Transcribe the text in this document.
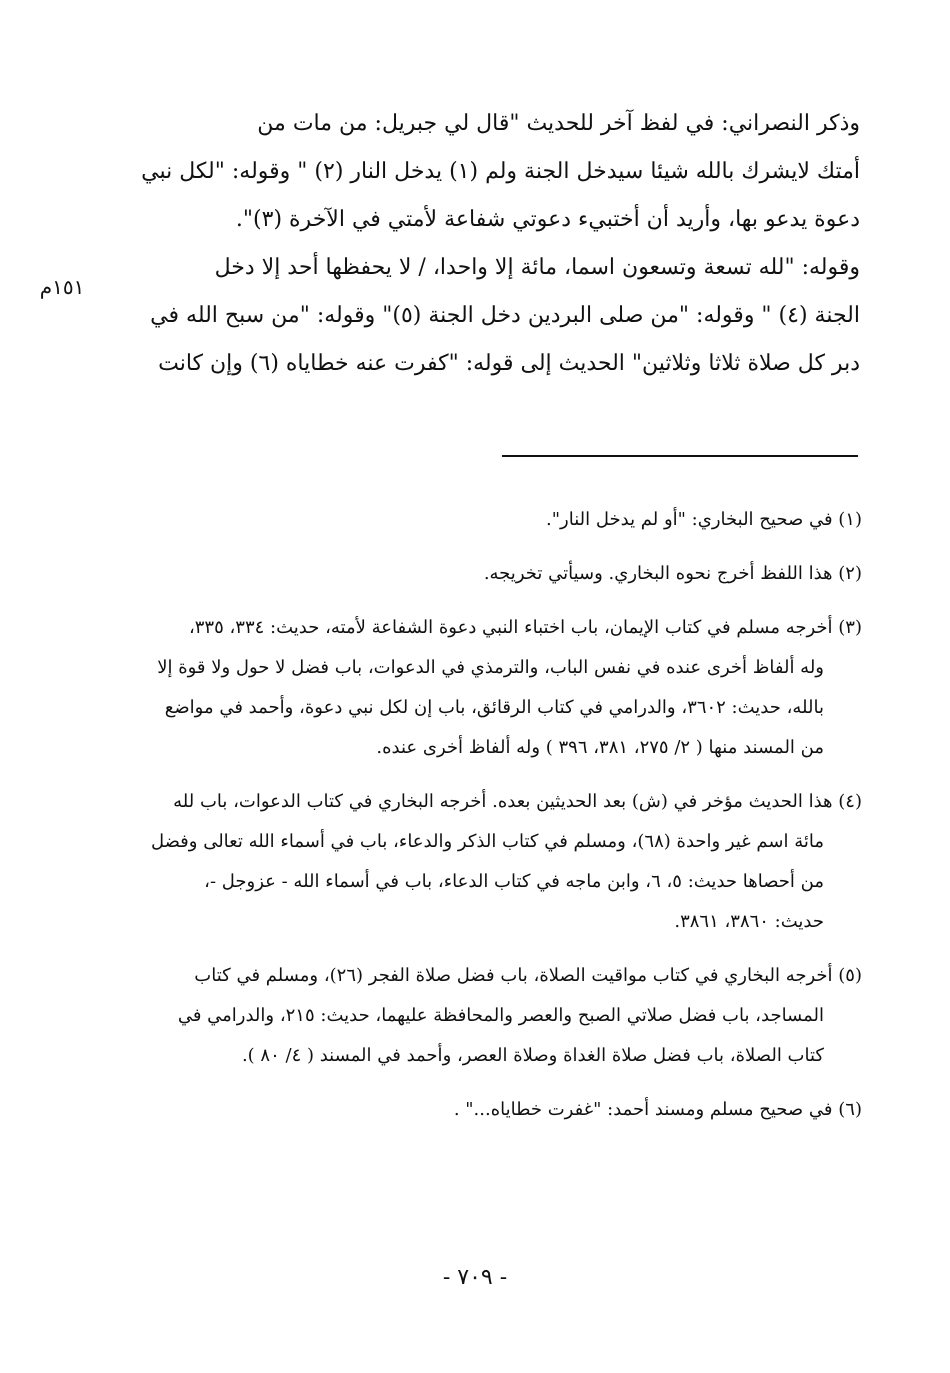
١٥١م
وذكر النصراني: في لفظ آخر للحديث "قال لي جبريل: من مات من
أمتك لايشرك بالله شيئا سيدخل الجنة ولم (١) يدخل النار (٢) " وقوله: "لكل نبي
دعوة يدعو بها، وأريد أن أختبيء دعوتي شفاعة لأمتي في الآخرة (٣)".
وقوله: "لله تسعة وتسعون اسما، مائة إلا واحدا، / لا يحفظها أحد إلا دخل
الجنة (٤) " وقوله: "من صلى البردين دخل الجنة (٥)" وقوله: "من سبح الله في
دبر كل صلاة ثلاثا وثلاثين" الحديث إلى قوله: "كفرت عنه خطاياه (٦) وإن كانت
(١) في صحيح البخاري: "أو لم يدخل النار".
(٢) هذا اللفظ أخرج نحوه البخاري. وسيأتي تخريجه.
(٣) أخرجه مسلم في كتاب الإيمان، باب اختباء النبي دعوة الشفاعة لأمته، حديث: ٣٣٤، ٣٣٥،
وله ألفاظ أخرى عنده في نفس الباب، والترمذي في الدعوات، باب فضل لا حول ولا قوة إلا
بالله، حديث: ٣٦٠٢، والدرامي في كتاب الرقائق، باب إن لكل نبي دعوة، وأحمد في مواضع
من المسند منها ( ٢/ ٢٧٥، ٣٨١، ٣٩٦ ) وله ألفاظ أخرى عنده.
(٤) هذا الحديث مؤخر في (ش) بعد الحديثين بعده. أخرجه البخاري في كتاب الدعوات، باب لله
مائة اسم غير واحدة (٦٨)، ومسلم في كتاب الذكر والدعاء، باب في أسماء الله تعالى وفضل
من أحصاها حديث: ٥، ٦، وابن ماجه في كتاب الدعاء، باب في أسماء الله - عزوجل -،
حديث: ٣٨٦٠، ٣٨٦١.
(٥) أخرجه البخاري في كتاب مواقيت الصلاة، باب فضل صلاة الفجر (٢٦)، ومسلم في كتاب
المساجد، باب فضل صلاتي الصبح والعصر والمحافظة عليهما، حديث: ٢١٥، والدرامي في
كتاب الصلاة، باب فضل صلاة الغداة وصلاة العصر، وأحمد في المسند ( ٤/ ٨٠ ).
(٦) في صحيح مسلم ومسند أحمد: "غفرت خطاياه..." .
- ٧٠٩ -
